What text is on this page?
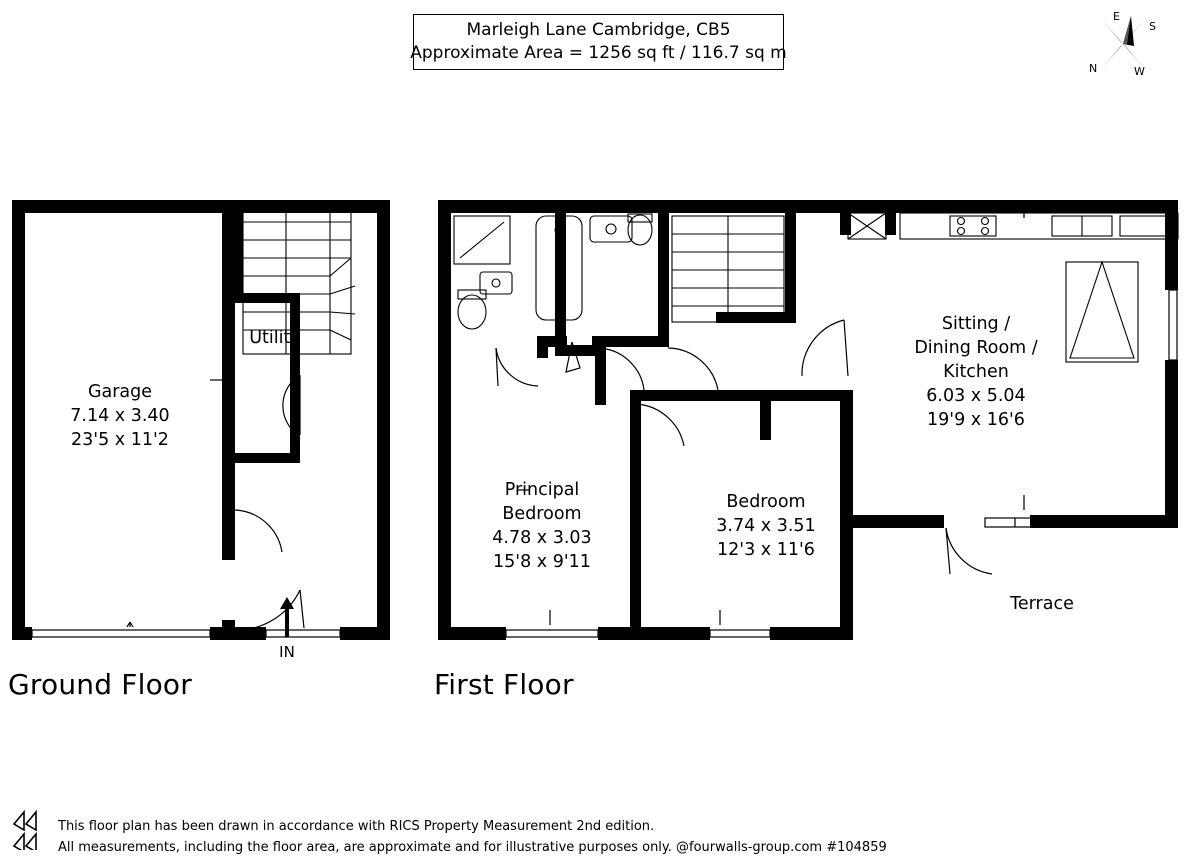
Marleigh Lane Cambridge, CB5
Approximate Area = 1256 sq ft / 116.7 sq m
N
E
S
W
Garage
7.14 x 3.40
23'5 x 11'2
Utility
Ground Floor
IN
Principal
Bedroom
4.78 x 3.03
15'8 x 9'11
Bedroom
3.74 x 3.51
12'3 x 11'6
Sitting /
Dining Room /
Kitchen
6.03 x 5.04
19'9 x 16'6
Terrace
First Floor
This floor plan has been drawn in accordance with RICS Property Measurement 2nd edition.
All measurements, including the floor area, are approximate and for illustrative purposes only. @fourwalls-group.com #104859
